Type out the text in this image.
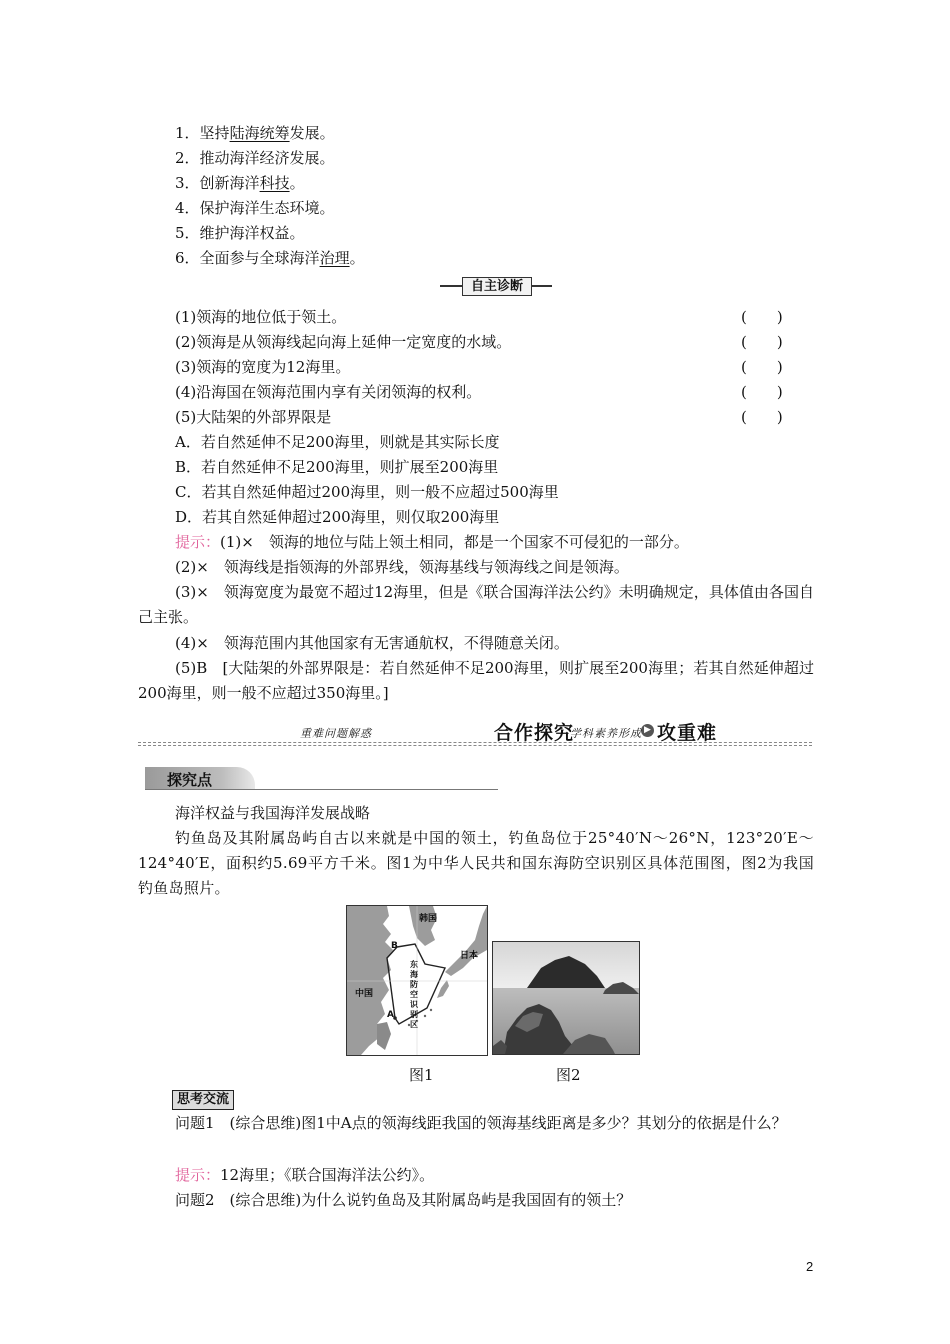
1．坚持陆海统筹发展。
2．推动海洋经济发展。
3．创新海洋科技。
4．保护海洋生态环境。
5．维护海洋权益。
6．全面参与全球海洋治理。
自主诊断
(1)领海的地位低于领土。	(　　)
(2)领海是从领海线起向海上延伸一定宽度的水域。	(　　)
(3)领海的宽度为12海里。	(　　)
(4)沿海国在领海范围内享有关闭领海的权利。	(　　)
(5)大陆架的外部界限是	(　　)
A．若自然延伸不足200海里，则就是其实际长度
B．若自然延伸不足200海里，则扩展至200海里
C．若其自然延伸超过200海里，则一般不应超过500海里
D．若其自然延伸超过200海里，则仅取200海里
提示：(1)×　领海的地位与陆上领土相同，都是一个国家不可侵犯的一部分。
(2)×　领海线是指领海的外部界线，领海基线与领海线之间是领海。
(3)×　领海宽度为最宽不超过12海里，但是《联合国海洋法公约》未明确规定，具体值由各国自己主张。
(4)×　领海范围内其他国家有无害通航权，不得随意关闭。
(5)B　[大陆架的外部界限是：若自然延伸不足200海里，则扩展至200海里；若其自然延伸超过200海里，则一般不应超过350海里。]
重难问题解惑	合作探究	▶ 攻重难
学科素养形成
探究点
海洋权益与我国海洋发展战略
钓鱼岛及其附属岛屿自古以来就是中国的领土，钓鱼岛位于25°40′N～26°N，123°20′E～124°40′E，面积约5.69平方千米。图1为中华人民共和国东海防空识别区具体范围图，图2为我国钓鱼岛照片。
韩国
日本
中国
B
A
东
海
防
空
识
别
区
图1	图2
思考交流
问题1　(综合思维)图1中A点的领海线距我国的领海基线距离是多少？其划分的依据是什么？
提示：12海里；《联合国海洋法公约》。
问题2　(综合思维)为什么说钓鱼岛及其附属岛屿是我国固有的领土？
2
